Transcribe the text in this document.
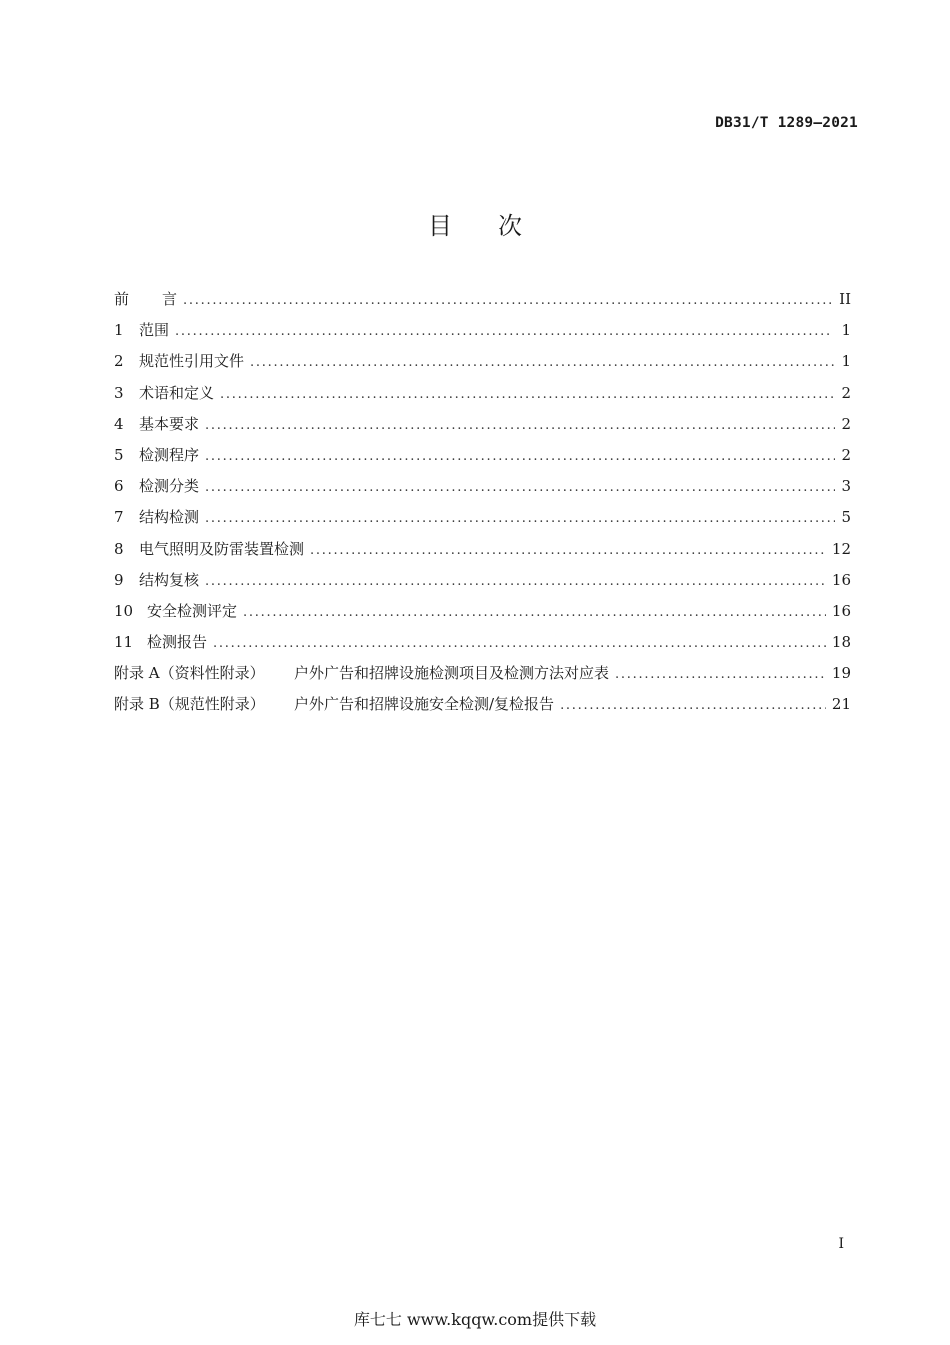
DB31/T 1289—2021
目 次
前	言 . . .	II
1	范围 . . .	1
2	规范性引用文件 . . .	1
3	术语和定义 . . .	2
4	基本要求 . . .	2
5	检测程序 . . .	2
6	检测分类 . . .	3
7	结构检测 . . .	5
8	电气照明及防雷装置检测 . . .	12
9	结构复核 . . .	16
10 安全检测评定 . . .	16
11 检测报告 . . .	18
附录 A（资料性附录）	户外广告和招牌设施检测项目及检测方法对应表 . . .	19
附录 B（规范性附录）	户外广告和招牌设施安全检测/复检报告 . . .	21
I
库七七 www.kqqw.com提供下载
